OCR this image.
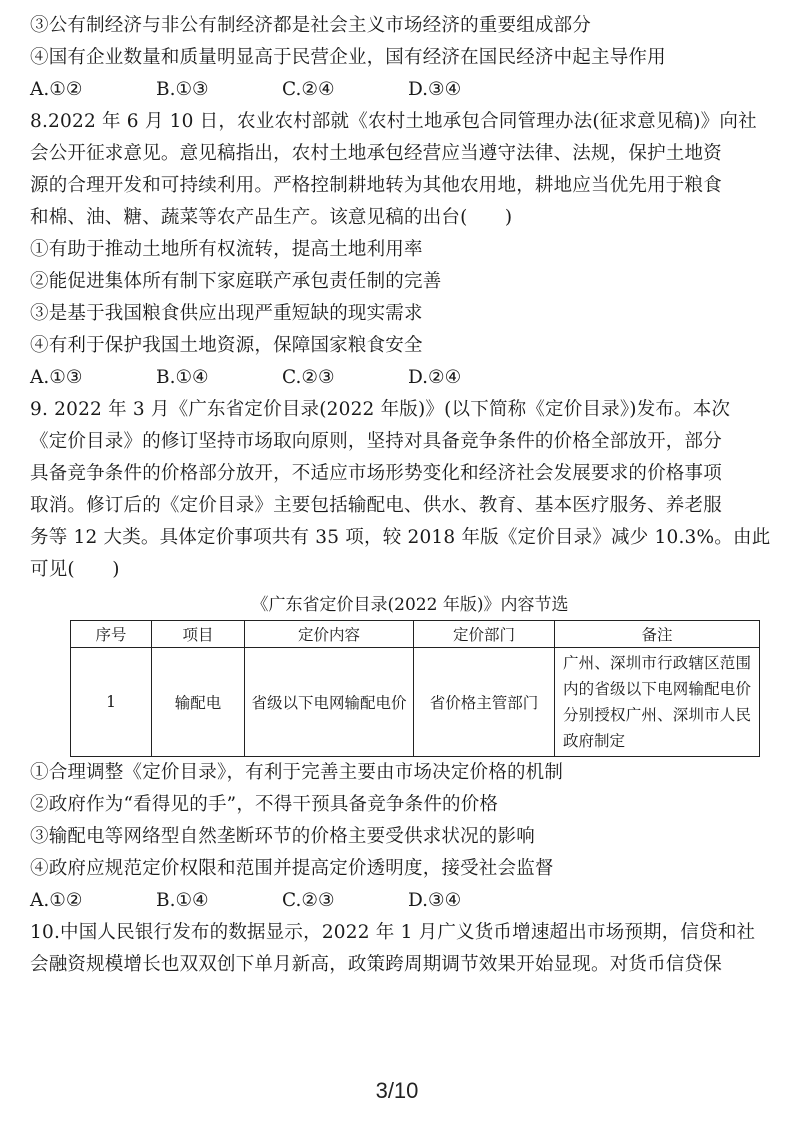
③公有制经济与非公有制经济都是社会主义市场经济的重要组成部分
④国有企业数量和质量明显高于民营企业，国有经济在国民经济中起主导作用
A.①②	B.①③	C.②④	D.③④
8.2022 年 6 月 10 日，农业农村部就《农村土地承包合同管理办法(征求意见稿)》向社
会公开征求意见。意见稿指出，农村土地承包经营应当遵守法律、法规，保护土地资
源的合理开发和可持续利用。严格控制耕地转为其他农用地，耕地应当优先用于粮食
和棉、油、糖、蔬菜等农产品生产。该意见稿的出台(　　)
①有助于推动土地所有权流转，提高土地利用率
②能促进集体所有制下家庭联产承包责任制的完善
③是基于我国粮食供应出现严重短缺的现实需求
④有利于保护我国土地资源，保障国家粮食安全
A.①③	B.①④	C.②③	D.②④
9. 2022 年 3 月《广东省定价目录(2022 年版)》(以下简称《定价目录》)发布。本次
《定价目录》的修订坚持市场取向原则，坚持对具备竞争条件的价格全部放开，部分
具备竞争条件的价格部分放开，不适应市场形势变化和经济社会发展要求的价格事项
取消。修订后的《定价目录》主要包括输配电、供水、教育、基本医疗服务、养老服
务等 12 大类。具体定价事项共有 35 项，较 2018 年版《定价目录》减少 10.3%。由此
可见(　　)
《广东省定价目录(2022 年版)》内容节选
序号	项目	定价内容	定价部门	备注
1	输配电	省级以下电网输配电价	省价格主管部门	广州、深圳市行政辖区范围内的省级以下电网输配电价分别授权广州、深圳市人民政府制定
①合理调整《定价目录》，有利于完善主要由市场决定价格的机制
②政府作为“看得见的手”，不得干预具备竞争条件的价格
③输配电等网络型自然垄断环节的价格主要受供求状况的影响
④政府应规范定价权限和范围并提高定价透明度，接受社会监督
A.①②	B.①④	C.②③	D.③④
10.中国人民银行发布的数据显示，2022 年 1 月广义货币增速超出市场预期，信贷和社
会融资规模增长也双双创下单月新高，政策跨周期调节效果开始显现。对货币信贷保
3/10
